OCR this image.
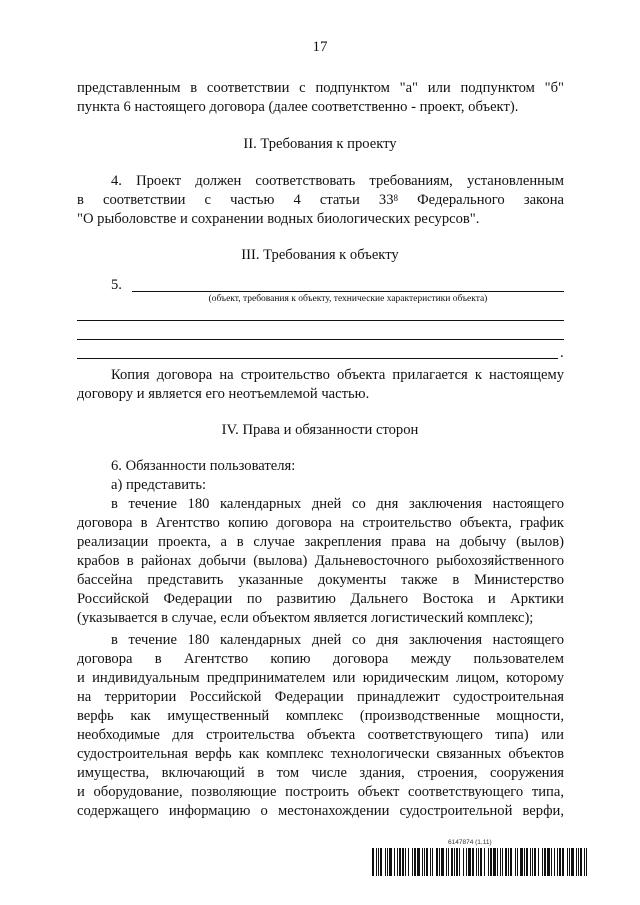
17
представленным в соответствии с подпунктом "а" или подпунктом "б"
пункта 6 настоящего договора (далее соответственно - проект, объект).
II. Требования к проекту
4. Проект должен соответствовать требованиям, установленным
в соответствии с частью 4 статьи $33^8$ Федерального закона
"О рыболовстве и сохранении водных биологических ресурсов".
III. Требования к объекту
5.
(объект, требования к объекту, технические характеристики объекта)
.
Копия договора на строительство объекта прилагается к настоящему
договору и является его неотъемлемой частью.
IV. Права и обязанности сторон
6. Обязанности пользователя:
а) представить:
в течение 180 календарных дней со дня заключения настоящего
договора в Агентство копию договора на строительство объекта, график
реализации проекта, а в случае закрепления права на добычу (вылов)
крабов в районах добычи (вылова) Дальневосточного рыбохозяйственного
бассейна представить указанные документы также в Министерство
Российской Федерации по развитию Дальнего Востока и Арктики
(указывается в случае, если объектом является логистический комплекс);
в течение 180 календарных дней со дня заключения настоящего
договора в Агентство копию договора между пользователем
и индивидуальным предпринимателем или юридическим лицом, которому
на территории Российской Федерации принадлежит судостроительная
верфь как имущественный комплекс (производственные мощности,
необходимые для строительства объекта соответствующего типа) или
судостроительная верфь как комплекс технологически связанных объектов
имущества, включающий в том числе здания, строения, сооружения
и оборудование, позволяющие построить объект соответствующего типа,
содержащего информацию о местонахождении судостроительной верфи,
6147874 (1.11)
